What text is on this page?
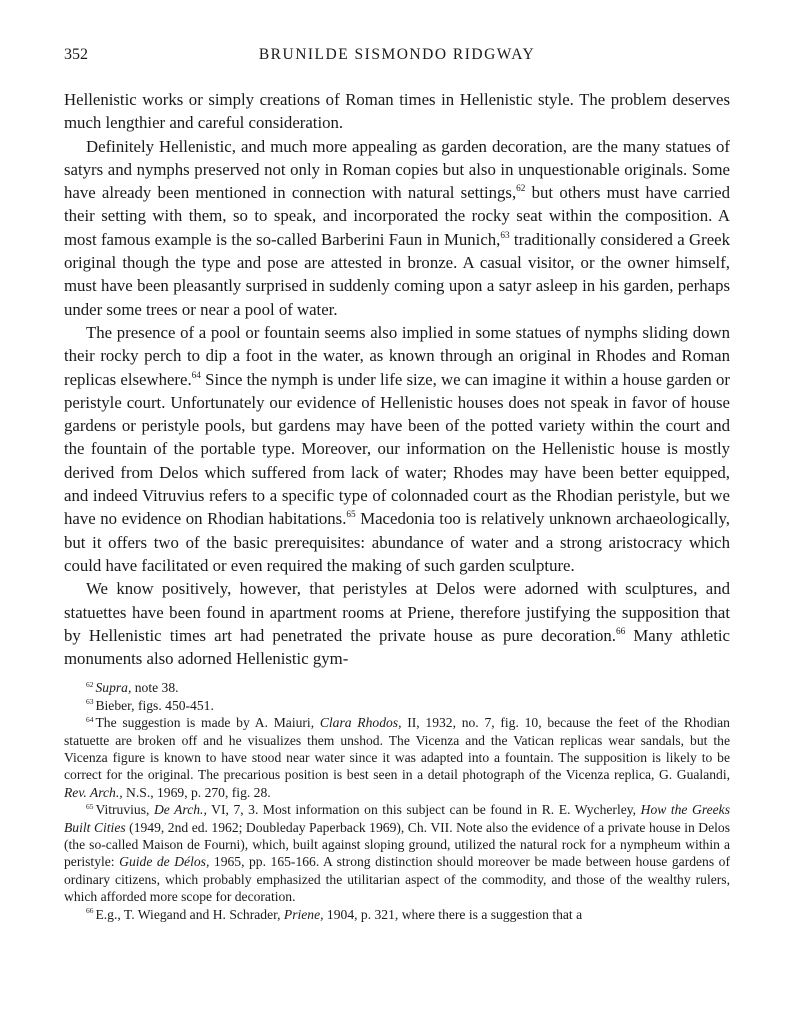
352	BRUNILDE SISMONDO RIDGWAY

Hellenistic works or simply creations of Roman times in Hellenistic style. The problem deserves much lengthier and careful consideration.

Definitely Hellenistic, and much more appealing as garden decoration, are the many statues of satyrs and nymphs preserved not only in Roman copies but also in unquestionable originals. Some have already been mentioned in connection with natural settings,$^{62}$ but others must have carried their setting with them, so to speak, and incorporated the rocky seat within the composition. A most famous example is the so-called Barberini Faun in Munich,$^{63}$ traditionally considered a Greek original though the type and pose are attested in bronze. A casual visitor, or the owner himself, must have been pleasantly surprised in suddenly coming upon a satyr asleep in his garden, perhaps under some trees or near a pool of water.

The presence of a pool or fountain seems also implied in some statues of nymphs sliding down their rocky perch to dip a foot in the water, as known through an original in Rhodes and Roman replicas elsewhere.$^{64}$ Since the nymph is under life size, we can imagine it within a house garden or peristyle court. Unfortunately our evidence of Hellenistic houses does not speak in favor of house gardens or peristyle pools, but gardens may have been of the potted variety within the court and the fountain of the portable type. Moreover, our information on the Hellenistic house is mostly derived from Delos which suffered from lack of water; Rhodes may have been better equipped, and indeed Vitruvius refers to a specific type of colonnaded court as the Rhodian peristyle, but we have no evidence on Rhodian habitations.$^{65}$ Macedonia too is relatively unknown archaeologically, but it offers two of the basic prerequisites: abundance of water and a strong aristocracy which could have facilitated or even required the making of such garden sculpture.

We know positively, however, that peristyles at Delos were adorned with sculptures, and statuettes have been found in apartment rooms at Priene, therefore justifying the supposition that by Hellenistic times art had penetrated the private house as pure decoration.$^{66}$ Many athletic monuments also adorned Hellenistic gym-

$^{62}$ Supra, note 38.

$^{63}$ Bieber, figs. 450-451.

$^{64}$ The suggestion is made by A. Maiuri, Clara Rhodos, II, 1932, no. 7, fig. 10, because the feet of the Rhodian statuette are broken off and he visualizes them unshod. The Vicenza and the Vatican replicas wear sandals, but the Vicenza figure is known to have stood near water since it was adapted into a fountain. The supposition is likely to be correct for the original. The precarious position is best seen in a detail photograph of the Vicenza replica, G. Gualandi, Rev. Arch., N.S., 1969, p. 270, fig. 28.

$^{65}$ Vitruvius, De Arch., VI, 7, 3. Most information on this subject can be found in R. E. Wycherley, How the Greeks Built Cities (1949, 2nd ed. 1962; Doubleday Paperback 1969), Ch. VII. Note also the evidence of a private house in Delos (the so-called Maison de Fourni), which, built against sloping ground, utilized the natural rock for a nympheum within a peristyle: Guide de Délos, 1965, pp. 165-166. A strong distinction should moreover be made between house gardens of ordinary citizens, which probably emphasized the utilitarian aspect of the commodity, and those of the wealthy rulers, which afforded more scope for decoration.

$^{66}$ E.g., T. Wiegand and H. Schrader, Priene, 1904, p. 321, where there is a suggestion that a
